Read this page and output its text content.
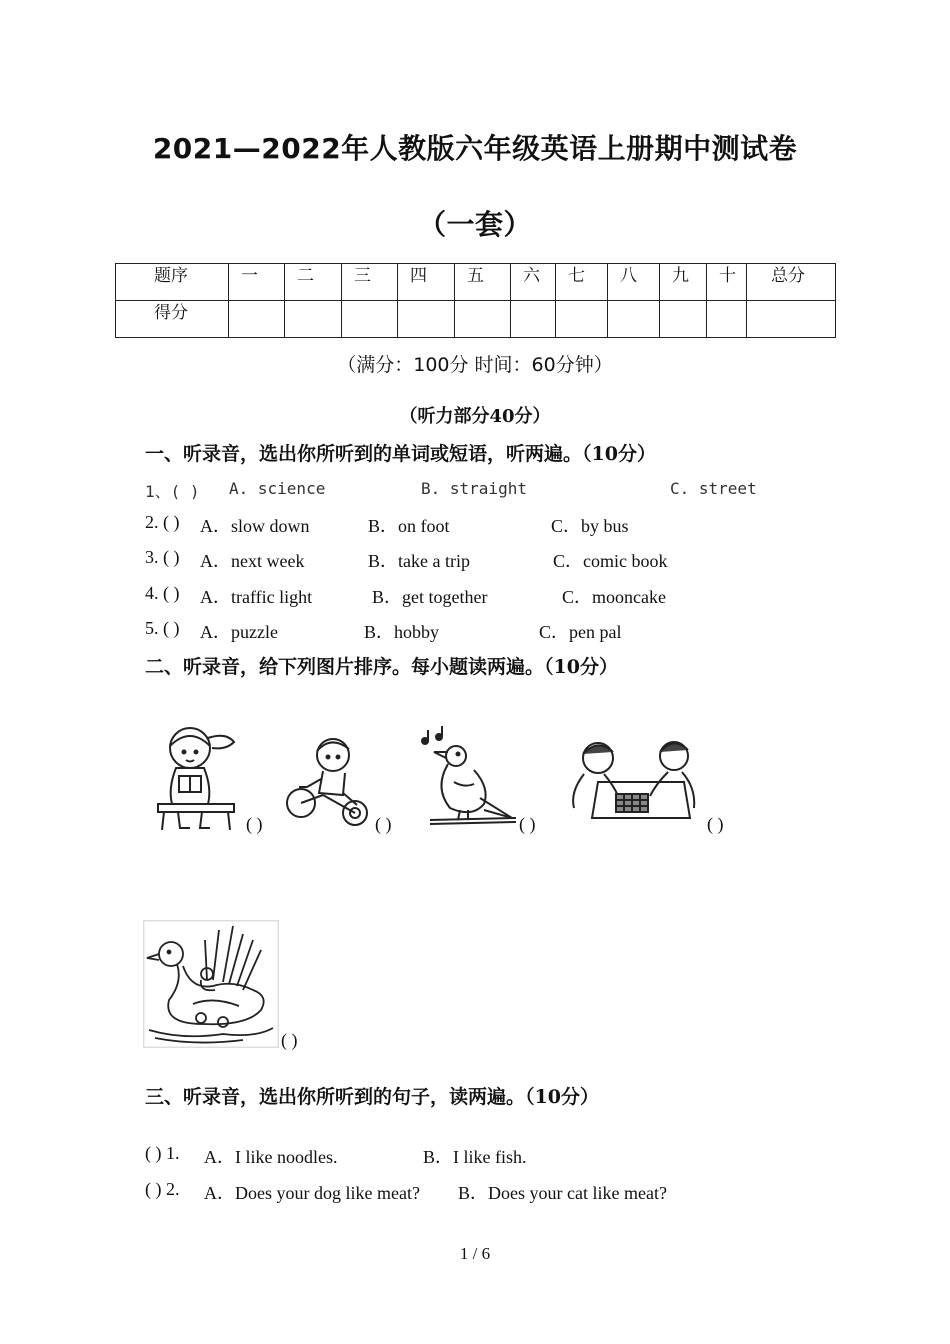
2021—2022年人教版六年级英语上册期中测试卷
（一套）
题序	一	二	三	四	五	六	七	八	九	十	总分
得分											
（满分：100分 时间：60分钟）
（听力部分40分）
一、听录音，选出你所听到的单词或短语，听两遍。（10分）
1、( ) A. science	B. straight	C. street
2. ( ) A．slow down	B．on foot	C．by bus
3. ( ) A．next week	B．take a trip	C．comic book
4. ( ) A．traffic light	B．get together	C．mooncake
5. ( ) A．puzzle	B．hobby	C．pen pal
二、听录音，给下列图片排序。每小题读两遍。（10分）
( )	( )	( )	( )
( )
三、听录音，选出你所听到的句子，读两遍。（10分）
( ) 1. A．I like noodles.	B．I like fish.
( ) 2. A．Does your dog like meat? B．Does your cat like meat?
1 / 6
